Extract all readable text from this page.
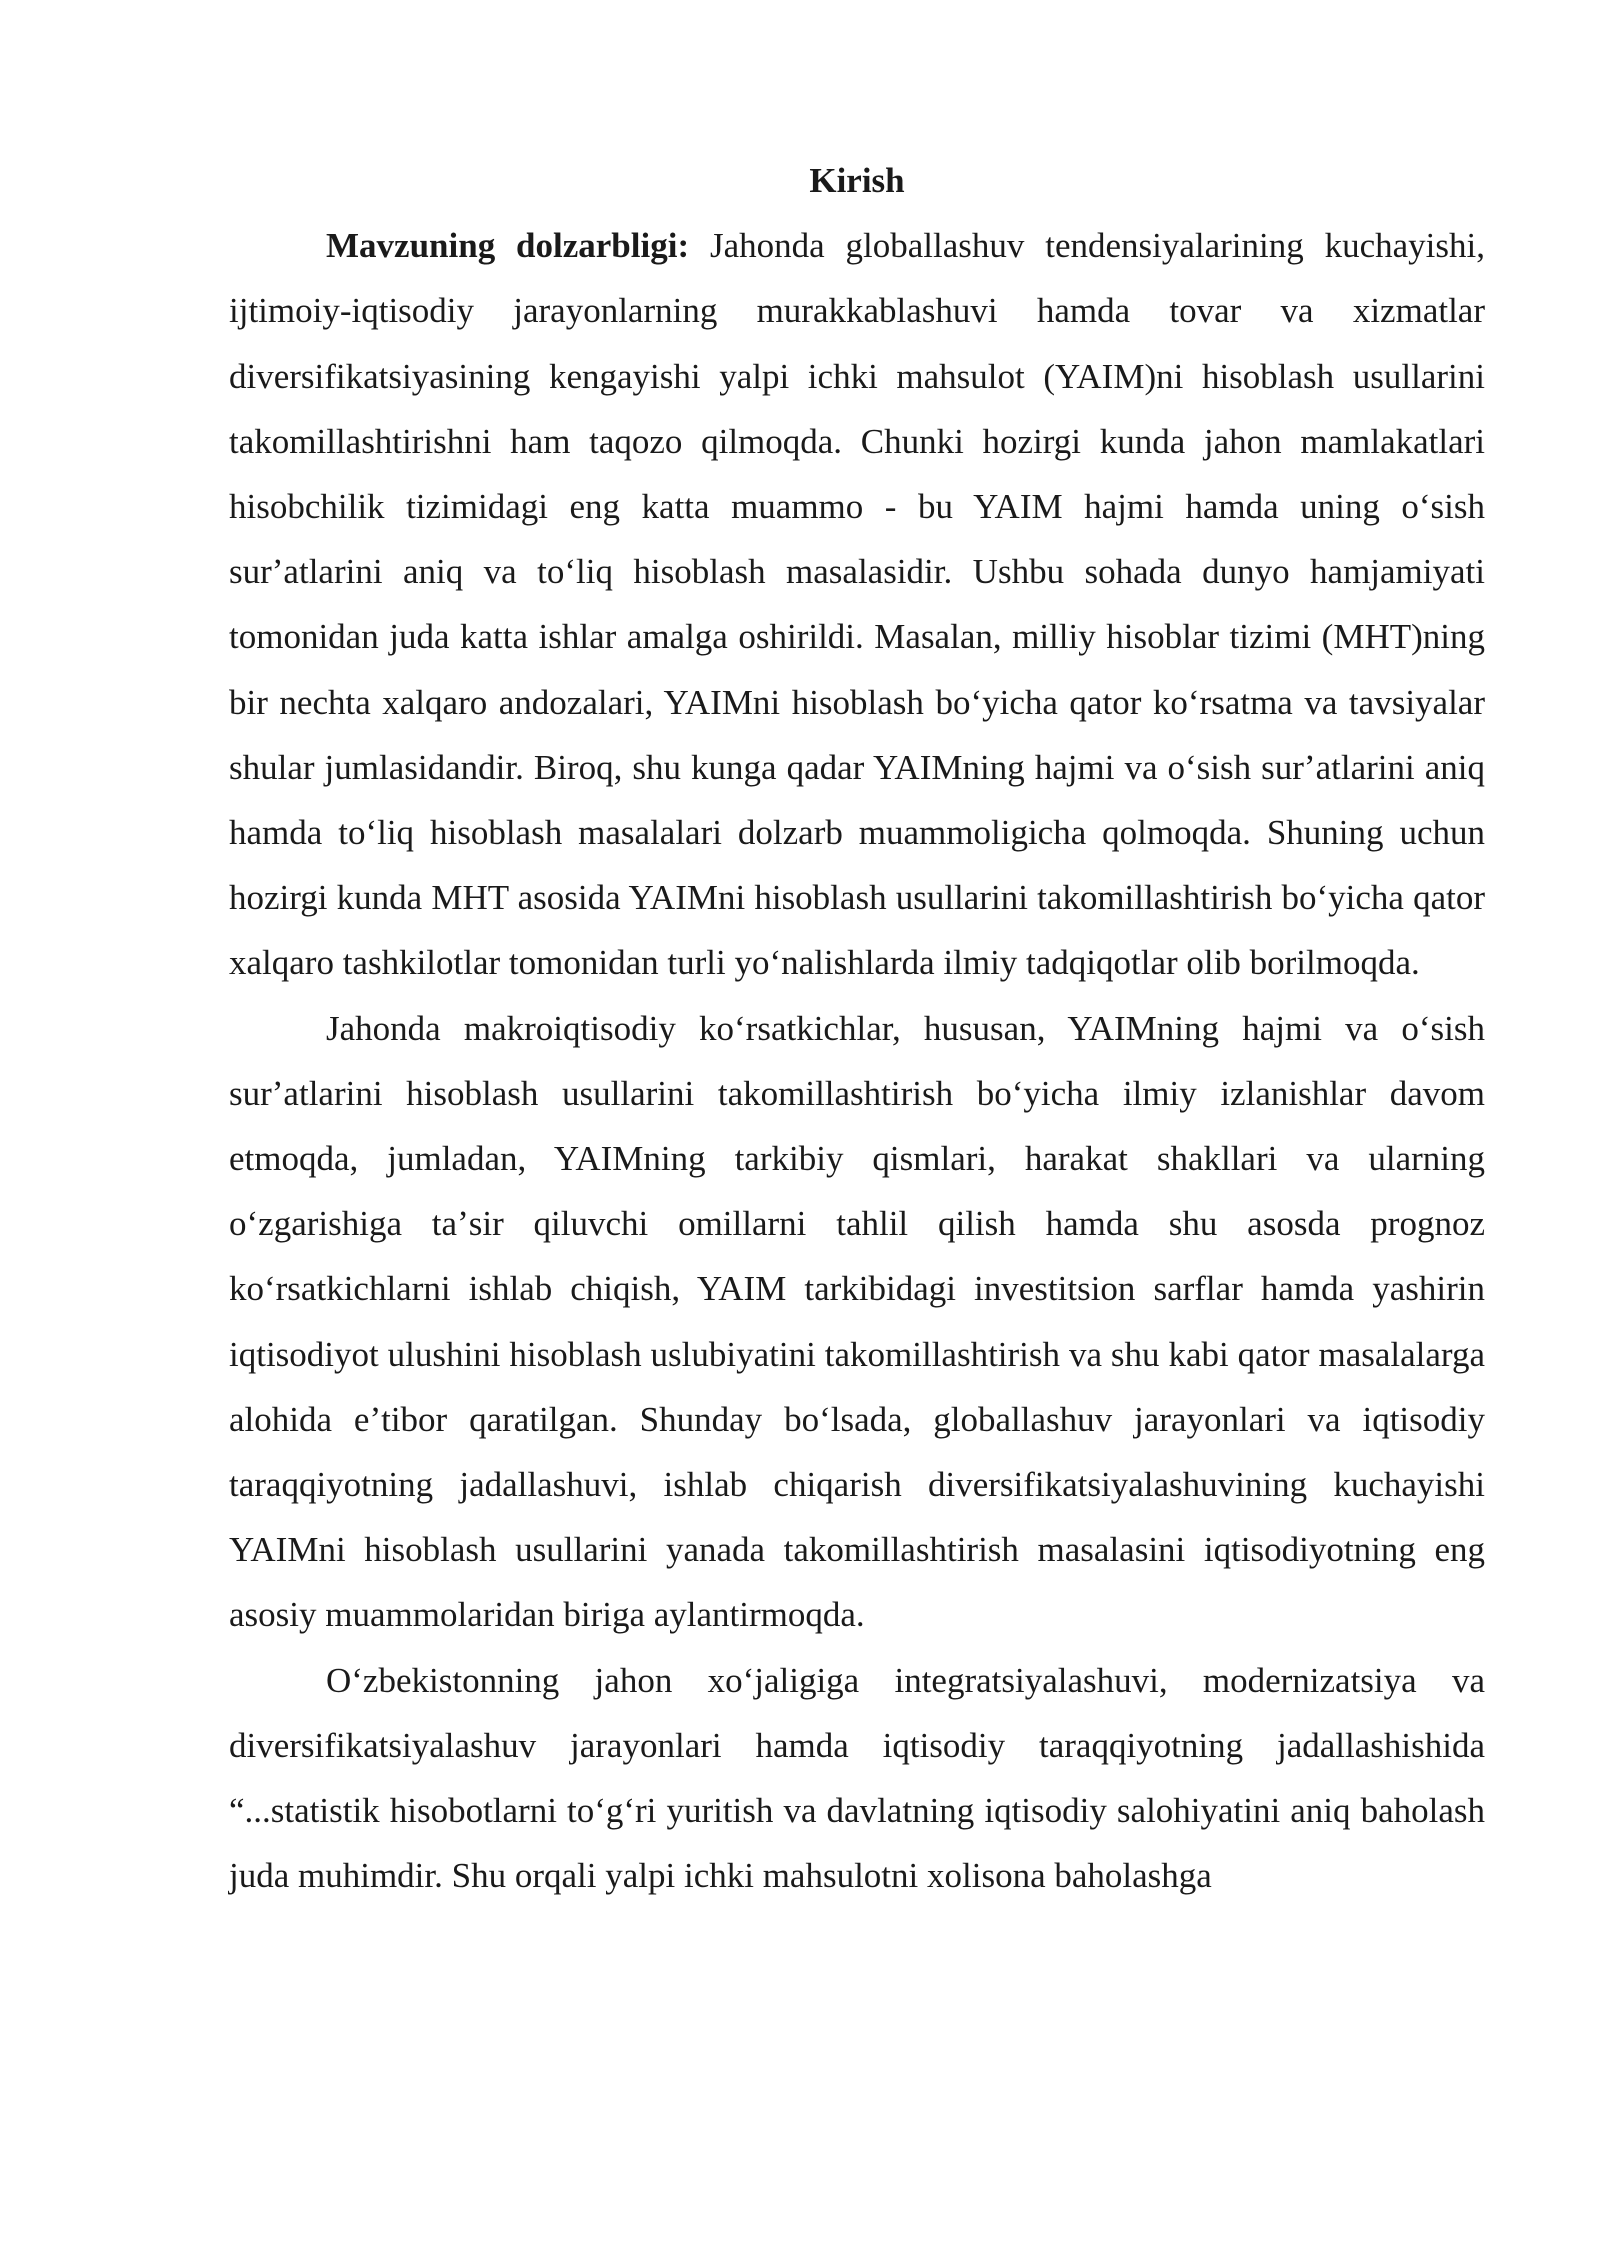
Kirish

Mavzuning dolzarbligi: Jahonda globallashuv tendensiyalarining kuchayishi, ijtimoiy-iqtisodiy jarayonlarning murakkablashuvi hamda tovar va xizmatlar diversifikatsiyasining kengayishi yalpi ichki mahsulot (YAIM)ni hisoblash usullarini takomillashtirishni ham taqozo qilmoqda. Chunki hozirgi kunda jahon mamlakatlari hisobchilik tizimidagi eng katta muammo - bu YAIM hajmi hamda uning oʻsish surʼatlarini aniq va toʻliq hisoblash masalasidir. Ushbu sohada dunyo hamjamiyati tomonidan juda katta ishlar amalga oshirildi. Masalan, milliy hisoblar tizimi (MHT)ning bir nechta xalqaro andozalari, YAIMni hisoblash boʻyicha qator koʻrsatma va tavsiyalar shular jumlasidandir. Biroq, shu kunga qadar YAIMning hajmi va oʻsish surʼatlarini aniq hamda toʻliq hisoblash masalalari dolzarb muammoligicha qolmoqda. Shuning uchun hozirgi kunda MHT asosida YAIMni hisoblash usullarini takomillashtirish boʻyicha qator xalqaro tashkilotlar tomonidan turli yoʻnalishlarda ilmiy tadqiqotlar olib borilmoqda.

Jahonda makroiqtisodiy koʻrsatkichlar, hususan, YAIMning hajmi va oʻsish surʼatlarini hisoblash usullarini takomillashtirish boʻyicha ilmiy izlanishlar davom etmoqda, jumladan, YAIMning tarkibiy qismlari, harakat shakllari va ularning oʻzgarishiga taʼsir qiluvchi omillarni tahlil qilish hamda shu asosda prognoz koʻrsatkichlarni ishlab chiqish, YAIM tarkibidagi investitsion sarflar hamda yashirin iqtisodiyot ulushini hisoblash uslubiyatini takomillashtirish va shu kabi qator masalalarga alohida eʼtibor qaratilgan. Shunday boʻlsada, globallashuv jarayonlari va iqtisodiy taraqqiyotning jadallashuvi, ishlab chiqarish diversifikatsiyalashuvining kuchayishi YAIMni hisoblash usullarini yanada takomillashtirish masalasini iqtisodiyotning eng asosiy muammolaridan biriga aylantirmoqda.

Oʻzbekistonning jahon xoʻjaligiga integratsiyalashuvi, modernizatsiya va diversifikatsiyalashuv jarayonlari hamda iqtisodiy taraqqiyotning jadallashishida “...statistik hisobotlarni toʻgʻri yuritish va davlatning iqtisodiy salohiyatini aniq baholash juda muhimdir. Shu orqali yalpi ichki mahsulotni xolisona baholashga
